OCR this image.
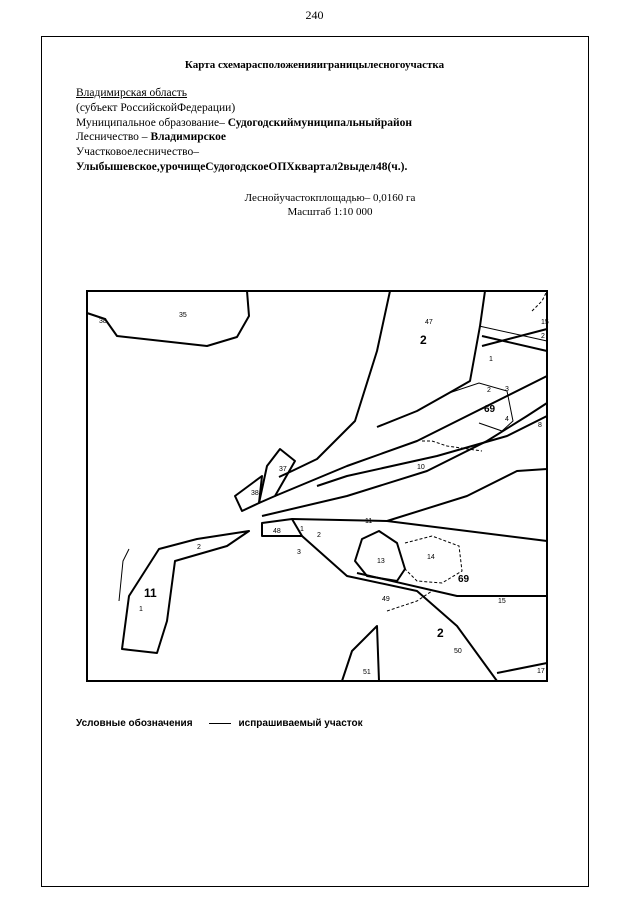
240
Карта схемарасположенияиграницылесногоучастка
Владимирская область
(субъект РоссийскойФедерации)
Муниципальное образование– Судогодскиймуниципальныйрайон
Лесничество – Владимирское
Участковоелесничество–
Улыбышевское,урочищеСудогодскоеОПХквартал2выдел48(ч.).
Лесной​участок​площадью– 0,0160 га
Масштаб 1:10 000
38
35
47
2
15
2
1
2 3
69
4
8
10
37
38
48	1
2
3
11
13
14
69
2
11
1
49	15
2
50
51	17
Условные обозначения	испрашиваемый участок
